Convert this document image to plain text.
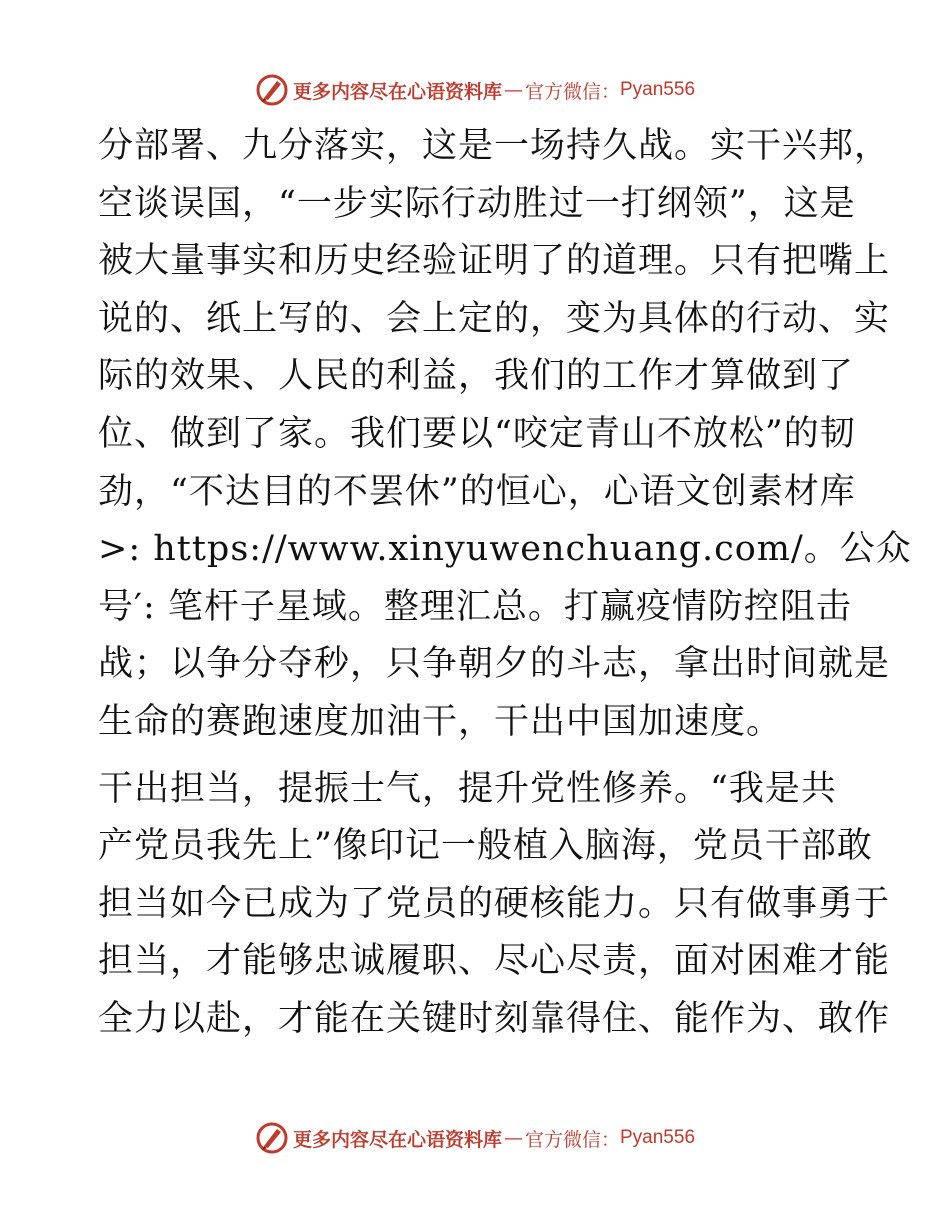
更多内容尽在心语资料库 — 官方微信： Pyan556
分部署、九分落实，这是一场持久战。实干兴邦，
空谈误国，“一步实际行动胜过一打纲领”，这是
被大量事实和历史经验证明了的道理。只有把嘴上
说的、纸上写的、会上定的，变为具体的行动、实
际的效果、人民的利益，我们的工作才算做到了
位、做到了家。我们要以“咬定青山不放松”的韧
劲，“不达目的不罢休”的恒心，心语文创素材库
>: https://www.xinyuwenchuang.com/。公众
号′: 笔杆子星域。整理汇总。打赢疫情防控阻击
战；以争分夺秒，只争朝夕的斗志，拿出时间就是
生命的赛跑速度加油干，干出中国加速度。
干出担当，提振士气，提升党性修养。“我是共
产党员我先上”像印记一般植入脑海，党员干部敢
担当如今已成为了党员的硬核能力。只有做事勇于
担当，才能够忠诚履职、尽心尽责，面对困难才能
全力以赴，才能在关键时刻靠得住、能作为、敢作
更多内容尽在心语资料库 — 官方微信： Pyan556
